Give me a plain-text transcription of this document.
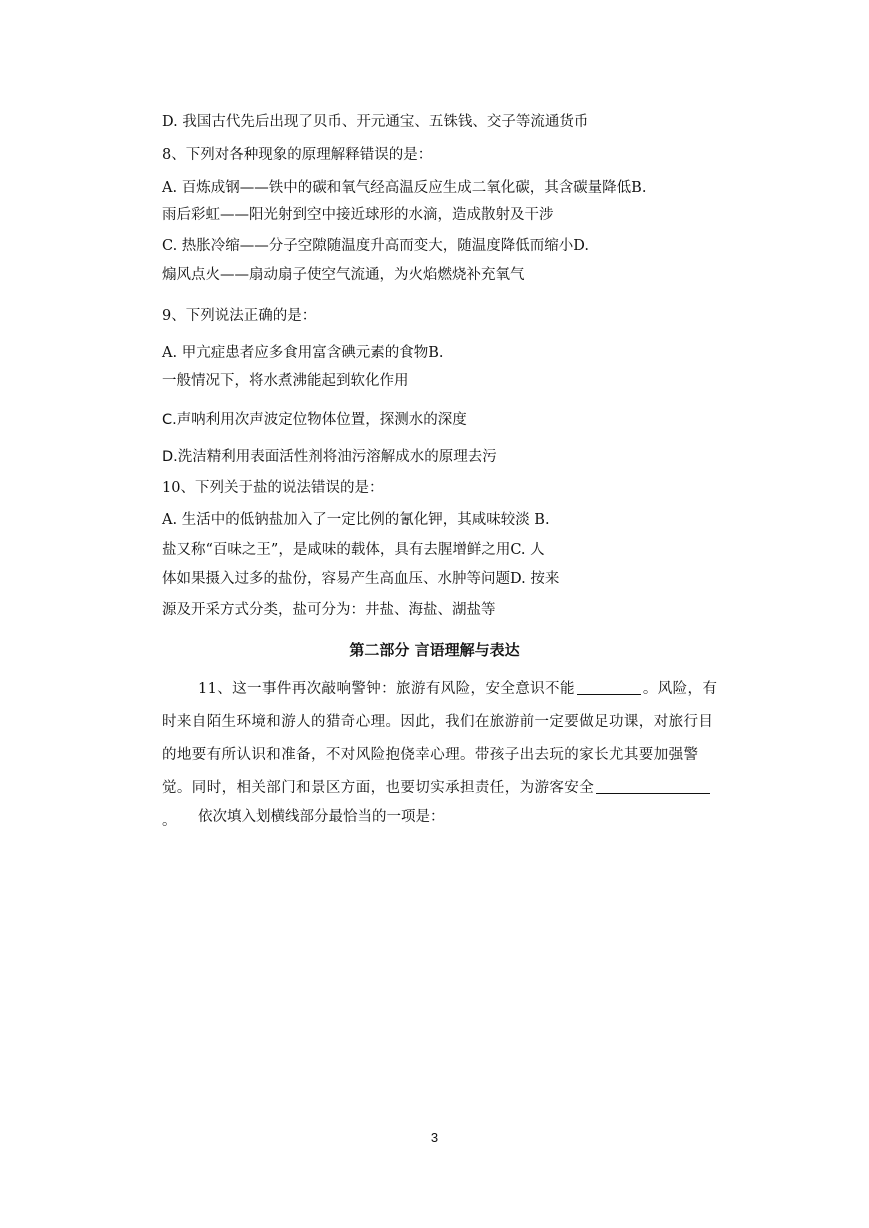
D. 我国古代先后出现了贝币、开元通宝、五铢钱、交子等流通货币
8、下列对各种现象的原理解释错误的是：
A. 百炼成钢——铁中的碳和氧气经高温反应生成二氧化碳，其含碳量降低B.
雨后彩虹——阳光射到空中接近球形的水滴，造成散射及干涉
C. 热胀冷缩——分子空隙随温度升高而变大，随温度降低而缩小D.
煽风点火——扇动扇子使空气流通，为火焰燃烧补充氧气
9、下列说法正确的是：
A. 甲亢症患者应多食用富含碘元素的食物B.
一般情况下，将水煮沸能起到软化作用
C.声呐利用次声波定位物体位置，探测水的深度
D.洗洁精利用表面活性剂将油污溶解成水的原理去污
10、下列关于盐的说法错误的是：
A. 生活中的低钠盐加入了一定比例的氰化钾，其咸味较淡 B.
盐又称“百味之王”，是咸味的载体，具有去腥增鲜之用C. 人
体如果摄入过多的盐份，容易产生高血压、水肿等问题D. 按来
源及开采方式分类，盐可分为：井盐、海盐、湖盐等
第二部分 言语理解与表达
11、这一事件再次敲响警钟：旅游有风险，安全意识不能	。风险，有时来自陌生环境和游人的猎奇心理。因此，我们在旅游前一定要做足功课，对旅行目的地要有所认识和准备，不对风险抱侥幸心理。带孩子出去玩的家长尤其要加强警 觉。同时，相关部门和景区方面，也要切实承担责任，为游客安全。	依次填入划横线部分最恰当的一项是：
3
